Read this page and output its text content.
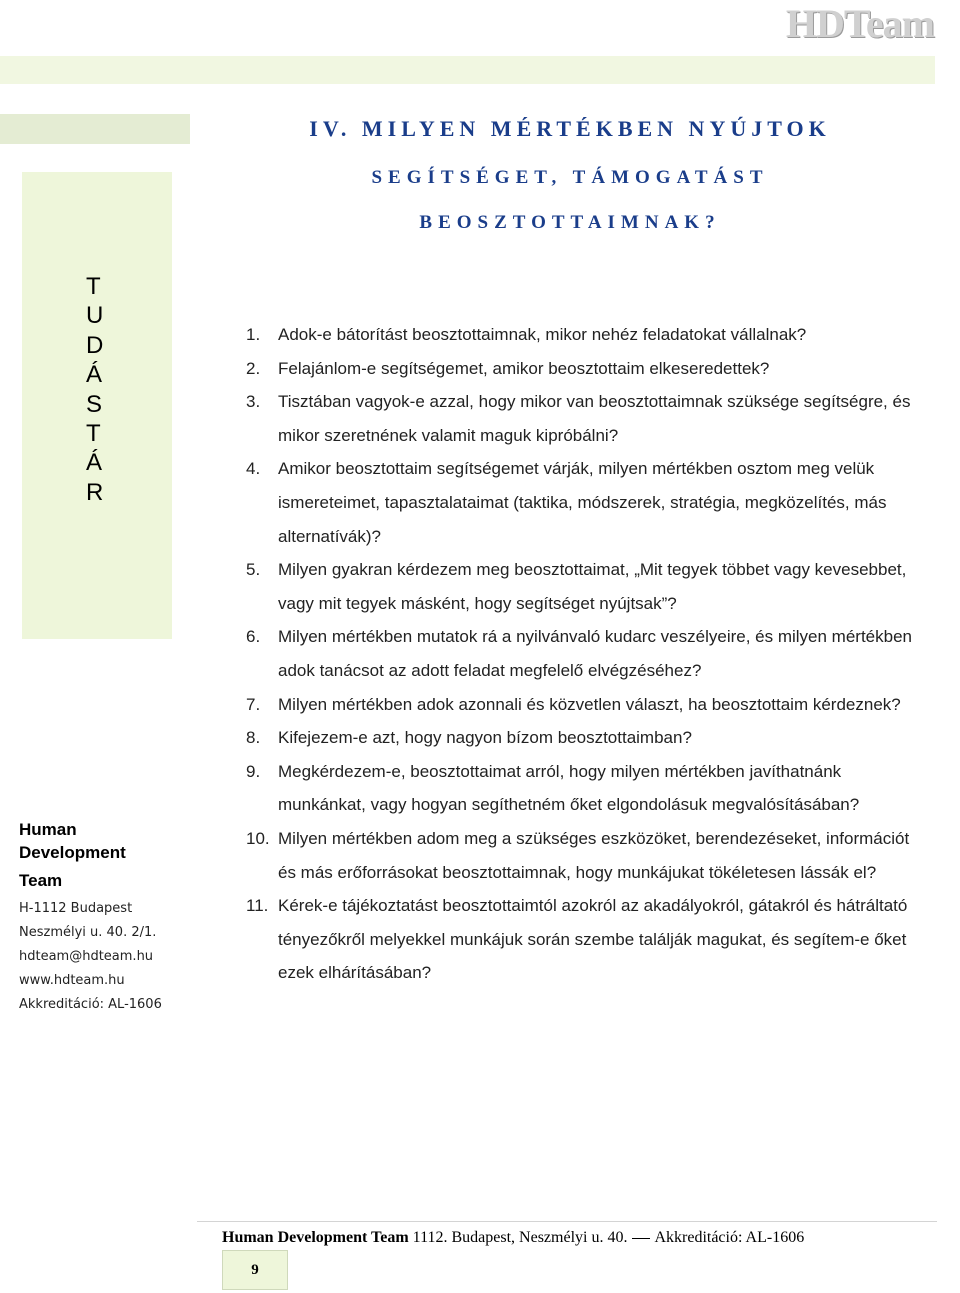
HDTeam
T
U
D
Á
S
T
Á
R
IV. MILYEN MÉRTÉKBEN NYÚJTOK
SEGÍTSÉGET, TÁMOGATÁST
BEOSZTOTTAIMNAK?
1. Adok-e bátorítást beosztottaimnak, mikor nehéz feladatokat vállalnak?
2. Felajánlom-e segítségemet, amikor beosztottaim elkeseredettek?
3. Tisztában vagyok-e azzal, hogy mikor van beosztottaimnak szüksége segítségre, és mikor szeretnének valamit maguk kipróbálni?
4. Amikor beosztottaim segítségemet várják, milyen mértékben osztom meg velük ismereteimet, tapasztalataimat (taktika, módszerek, stratégia, megközelítés, más alternatívák)?
5. Milyen gyakran kérdezem meg beosztottaimat, „Mit tegyek többet vagy kevesebbet, vagy mit tegyek másként, hogy segítséget nyújtsak”?
6. Milyen mértékben mutatok rá a nyilvánvaló kudarc veszélyeire, és milyen mértékben adok tanácsot az adott feladat megfelelő elvégzéséhez?
7. Milyen mértékben adok azonnali és közvetlen választ, ha beosztottaim kérdeznek?
8. Kifejezem-e azt, hogy nagyon bízom beosztottaimban?
9. Megkérdezem-e, beosztottaimat arról, hogy milyen mértékben javíthatnánk munkánkat, vagy hogyan segíthetném őket elgondolásuk megvalósításában?
10. Milyen mértékben adom meg a szükséges eszközöket, berendezéseket, információt és más erőforrásokat beosztottaimnak, hogy munkájukat tökéletesen lássák el?
11. Kérek-e tájékoztatást beosztottaimtól azokról az akadályokról, gátakról és hátráltató tényezőkről melyekkel munkájuk során szembe találják magukat, és segítem-e őket ezek elhárításában?

Human

Development

Team

H-1112 Budapest

Neszmélyi u. 40. 2/1.

hdteam@hdteam.hu

www.hdteam.hu

Akkreditáció: AL-1606

Human Development Team 1112. Budapest, Neszmélyi u. 40. Akkreditáció: AL-1606
9
